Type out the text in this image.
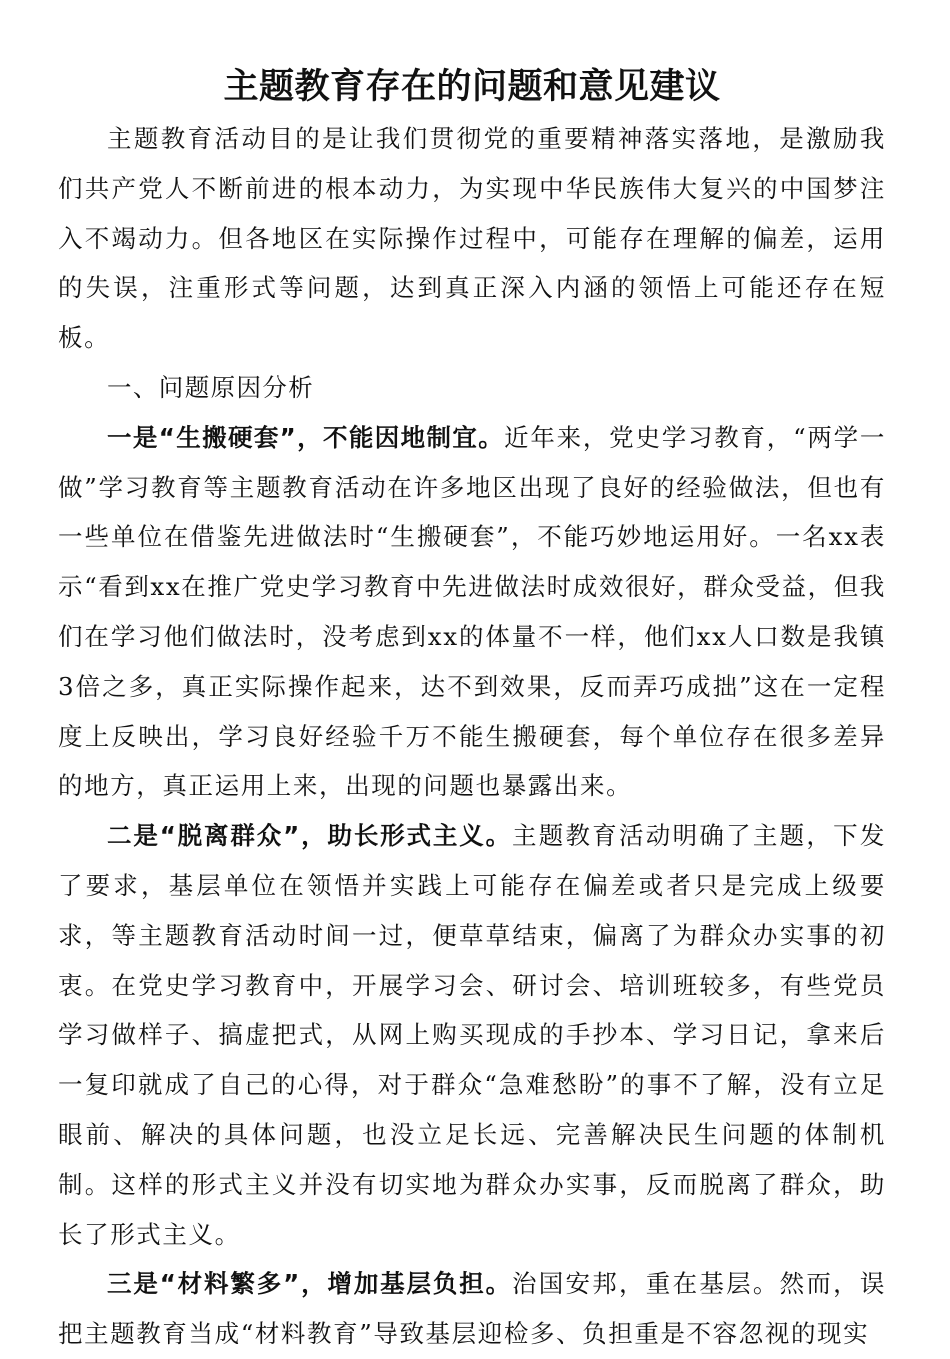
主题教育存在的问题和意见建议

主题教育活动目的是让我们贯彻党的重要精神落实落地，是激励我们共产党人不断前进的根本动力，为实现中华民族伟大复兴的中国梦注入不竭动力。但各地区在实际操作过程中，可能存在理解的偏差，运用的失误，注重形式等问题，达到真正深入内涵的领悟上可能还存在短板。

一、问题原因分析

一是“生搬硬套”，不能因地制宜。近年来，党史学习教育，“两学一做”学习教育等主题教育活动在许多地区出现了良好的经验做法，但也有一些单位在借鉴先进做法时“生搬硬套”，不能巧妙地运用好。一名xx表示“看到xx在推广党史学习教育中先进做法时成效很好，群众受益，但我们在学习他们做法时，没考虑到xx的体量不一样，他们xx人口数是我镇3倍之多，真正实际操作起来，达不到效果，反而弄巧成拙”这在一定程度上反映出，学习良好经验千万不能生搬硬套，每个单位存在很多差异的地方，真正运用上来，出现的问题也暴露出来。

二是“脱离群众”，助长形式主义。主题教育活动明确了主题，下发了要求，基层单位在领悟并实践上可能存在偏差或者只是完成上级要求，等主题教育活动时间一过，便草草结束，偏离了为群众办实事的初衷。在党史学习教育中，开展学习会、研讨会、培训班较多，有些党员学习做样子、搞虚把式，从网上购买现成的手抄本、学习日记，拿来后一复印就成了自己的心得，对于群众“急难愁盼”的事不了解，没有立足眼前、解决的具体问题，也没立足长远、完善解决民生问题的体制机制。这样的形式主义并没有切实地为群众办实事，反而脱离了群众，助长了形式主义。

三是“材料繁多”，增加基层负担。治国安邦，重在基层。然而，误把主题教育当成“材料教育”导致基层迎检多、负担重是不容忽视的现实
